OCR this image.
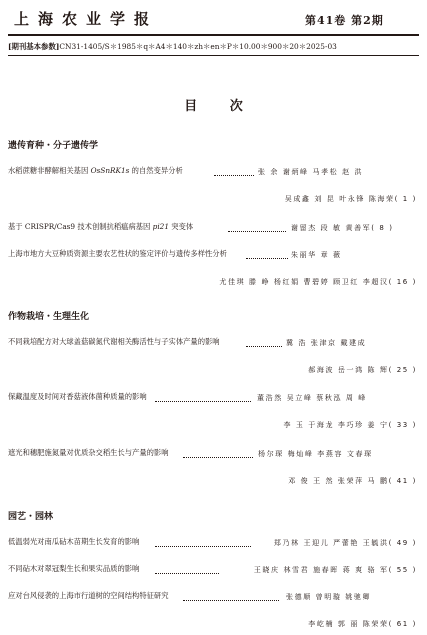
上海农业学报	第41卷 第2期
[期刊基本参数]CN31-1405/S＊1985＊q＊A4＊140＊zh＊en＊P＊10.00＊900＊20＊2025-03
目 次
遗传育种・分子遗传学
水稻蔗糖非酵解相关基因 OsSnRK1s 的自然变异分析	张 余 谢炳峰 马孝松 赵 洪
吴成鑫 刘 昆 叶永锋 陈海荣( 1 )
基于 CRISPR/Cas9 技术创制抗稻瘟病基因 pi21 突变体	谢留杰 段 敏 黄善军( 8 )
上海市地方大豆种质资源主要农艺性状的鉴定评价与遗传多样性分析	朱丽华 章 薇
尤佳琪 滕 峥 杨红娟 曹碧婷 顾卫红 李超汉( 16 )
作物栽培・生理生化
不同栽培配方对大球盖菇碳氮代谢相关酶活性与子实体产量的影响	冀 浩 张津京 戴建成
郝海波 岳一鸿 陈 辉( 25 )
保藏温度及时间对香菇液体菌种质量的影响	董浩然 吴立峰 蔡秋泓 周 峰
李 玉 于海龙 李巧珍 姜 宁( 33 )
遮光和穗肥施氮量对优质杂交稻生长与产量的影响	杨尔琛 梅灿峰 李燕容 文春琛
邓 俊 王 然 张荣萍 马 鹏( 41 )
园艺・园林
低温弱光对南瓜砧木苗期生长发育的影响	郑乃林 王迎儿 严蕾艳 王毓洪( 49 )
不同砧木对翠冠梨生长和果实品质的影响	王晓庆 林雪君 施春晖 蒋 爽 骆 军( 55 )
应对台风侵袭的上海市行道树的空间结构特征研究	张德顺 曾明璇 姚驰卿
李屹楠 郭 丽 陈荣荣( 61 )
